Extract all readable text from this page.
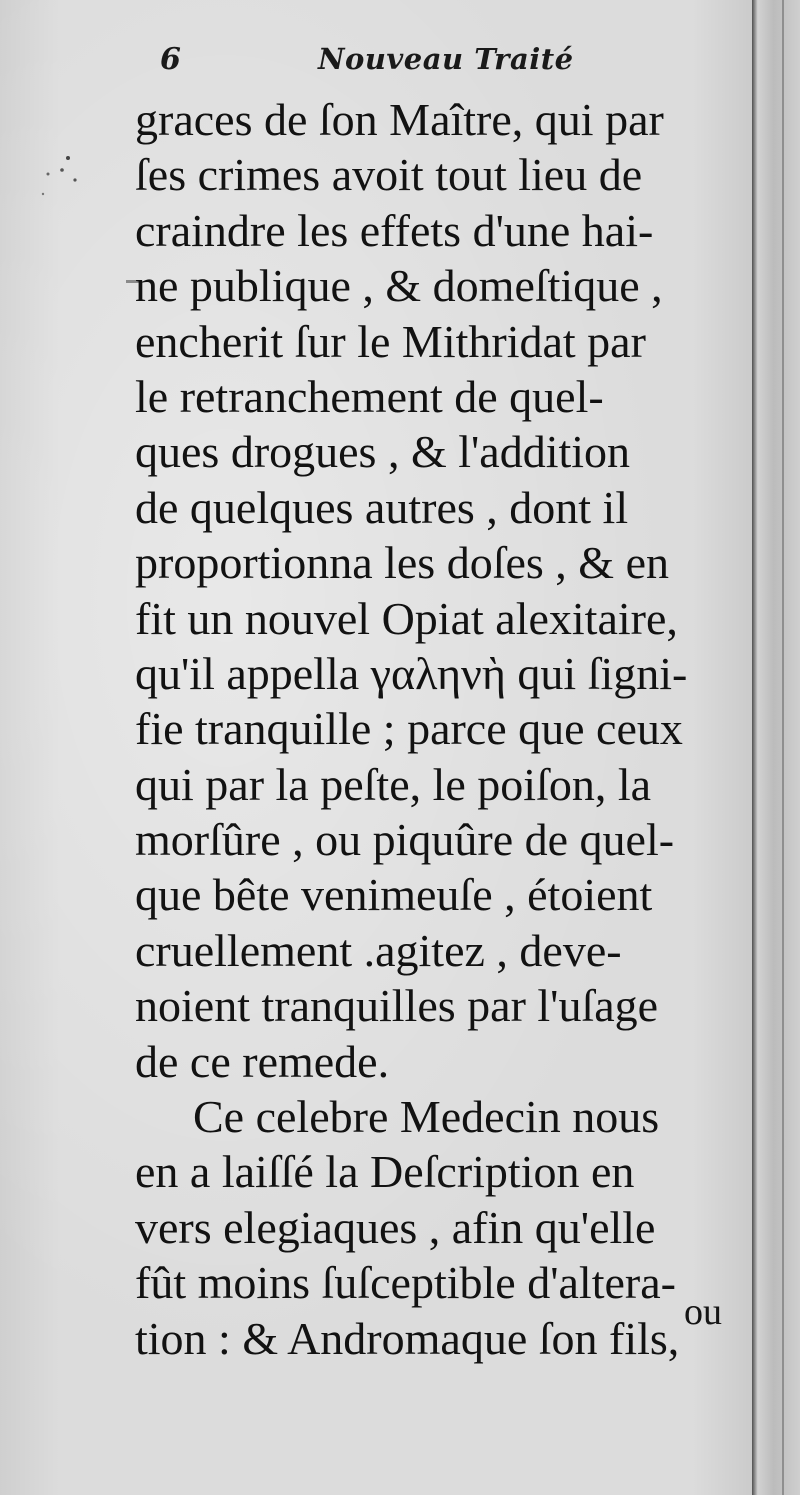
6	Nouveau Traité
graces de ſon Maître, qui par
ſes crimes avoit tout lieu de
craindre les effets d'une hai-
ne publique , & domeſtique ,
encherit ſur le Mithridat par
le retranchement de quel-
ques drogues , & l'addition
de quelques autres , dont il
proportionna les doſes , & en
fit un nouvel Opiat alexitaire,
qu'il appella γαληνὴ qui ſigni-
fie tranquille ; parce que ceux
qui par la peſte, le poiſon, la
morſûre , ou piquûre de quel-
que bête venimeuſe , étoient
cruellement .agitez , deve-
noient tranquilles par l'uſage
de ce remede.
Ce celebre Medecin nous
en a laiſſé la Deſcription en
vers elegiaques , afin qu'elle
fût moins ſuſceptible d'altera-
tion : & Andromaque ſon fils,
ou
